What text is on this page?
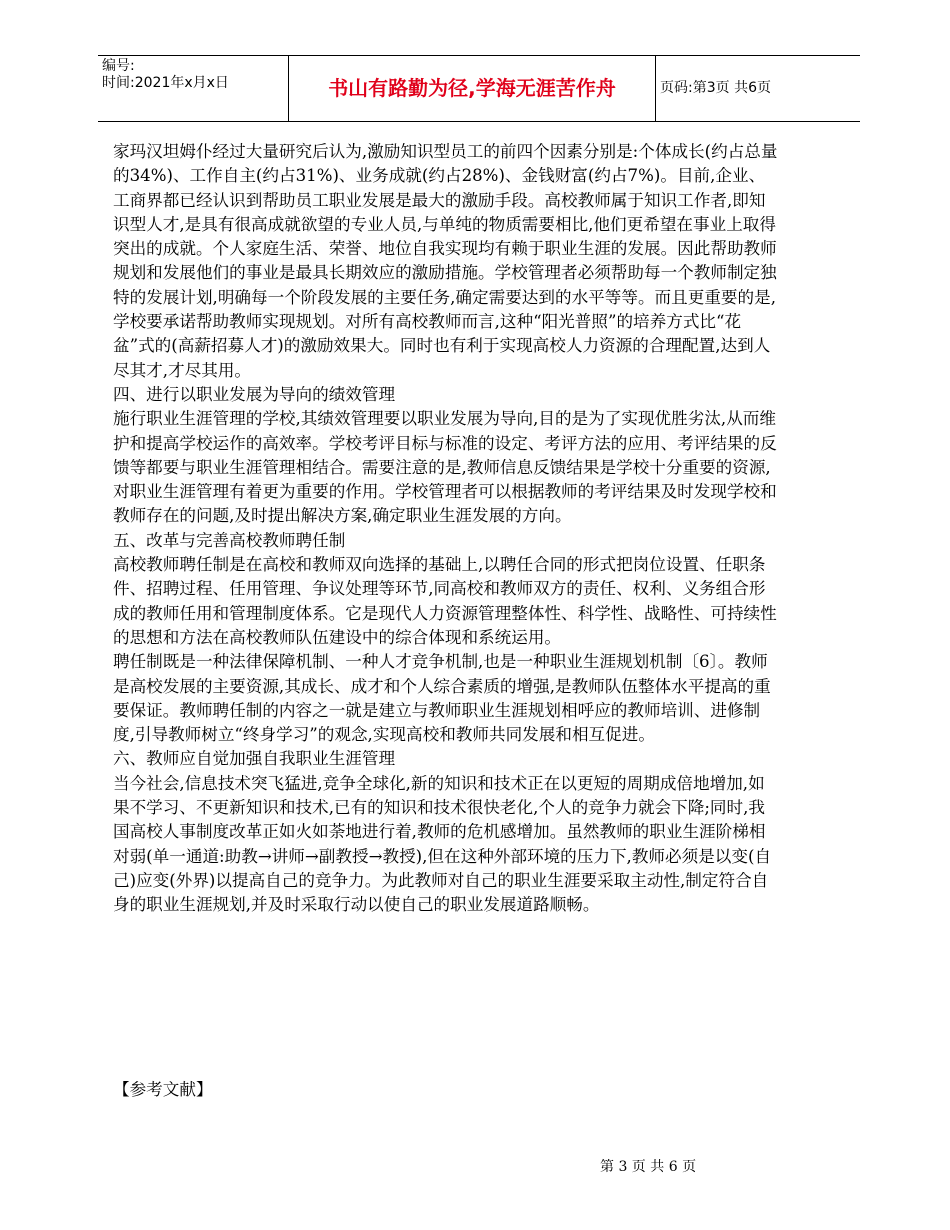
编号:
时间:2021年x月x日	书山有路勤为径,学海无涯苦作舟	页码:第3页 共6页

家玛汉坦姆仆经过大量研究后认为,激励知识型员工的前四个因素分别是:个体成长(约占总量的34%)、工作自主(约占31%)、业务成就(约占28%)、金钱财富(约占7%)。目前,企业、工商界都已经认识到帮助员工职业发展是最大的激励手段。高校教师属于知识工作者,即知识型人才,是具有很高成就欲望的专业人员,与单纯的物质需要相比,他们更希望在事业上取得突出的成就。个人家庭生活、荣誉、地位自我实现均有赖于职业生涯的发展。因此帮助教师规划和发展他们的事业是最具长期效应的激励措施。学校管理者必须帮助每一个教师制定独特的发展计划,明确每一个阶段发展的主要任务,确定需要达到的水平等等。而且更重要的是,学校要承诺帮助教师实现规划。对所有高校教师而言,这种“阳光普照”的培养方式比“花盆”式的(高薪招募人才)的激励效果大。同时也有利于实现高校人力资源的合理配置,达到人尽其才,才尽其用。

四、进行以职业发展为导向的绩效管理

施行职业生涯管理的学校,其绩效管理要以职业发展为导向,目的是为了实现优胜劣汰,从而维护和提高学校运作的高效率。学校考评目标与标准的设定、考评方法的应用、考评结果的反馈等都要与职业生涯管理相结合。需要注意的是,教师信息反馈结果是学校十分重要的资源,对职业生涯管理有着更为重要的作用。学校管理者可以根据教师的考评结果及时发现学校和教师存在的问题,及时提出解决方案,确定职业生涯发展的方向。

五、改革与完善高校教师聘任制

高校教师聘任制是在高校和教师双向选择的基础上,以聘任合同的形式把岗位设置、任职条件、招聘过程、任用管理、争议处理等环节,同高校和教师双方的责任、权利、义务组合形成的教师任用和管理制度体系。它是现代人力资源管理整体性、科学性、战略性、可持续性的思想和方法在高校教师队伍建设中的综合体现和系统运用。

聘任制既是一种法律保障机制、一种人才竞争机制,也是一种职业生涯规划机制〔6〕。教师是高校发展的主要资源,其成长、成才和个人综合素质的增强,是教师队伍整体水平提高的重要保证。教师聘任制的内容之一就是建立与教师职业生涯规划相呼应的教师培训、进修制度,引导教师树立“终身学习”的观念,实现高校和教师共同发展和相互促进。

六、教师应自觉加强自我职业生涯管理

当今社会,信息技术突飞猛进,竞争全球化,新的知识和技术正在以更短的周期成倍地增加,如果不学习、不更新知识和技术,已有的知识和技术很快老化,个人的竞争力就会下降;同时,我国高校人事制度改革正如火如荼地进行着,教师的危机感增加。虽然教师的职业生涯阶梯相对弱(单一通道:助教→讲师→副教授→教授),但在这种外部环境的压力下,教师必须是以变(自己)应变(外界)以提高自己的竞争力。为此教师对自己的职业生涯要采取主动性,制定符合自身的职业生涯规划,并及时采取行动以使自己的职业发展道路顺畅。

【参考文献】
第 3 页 共 6 页
